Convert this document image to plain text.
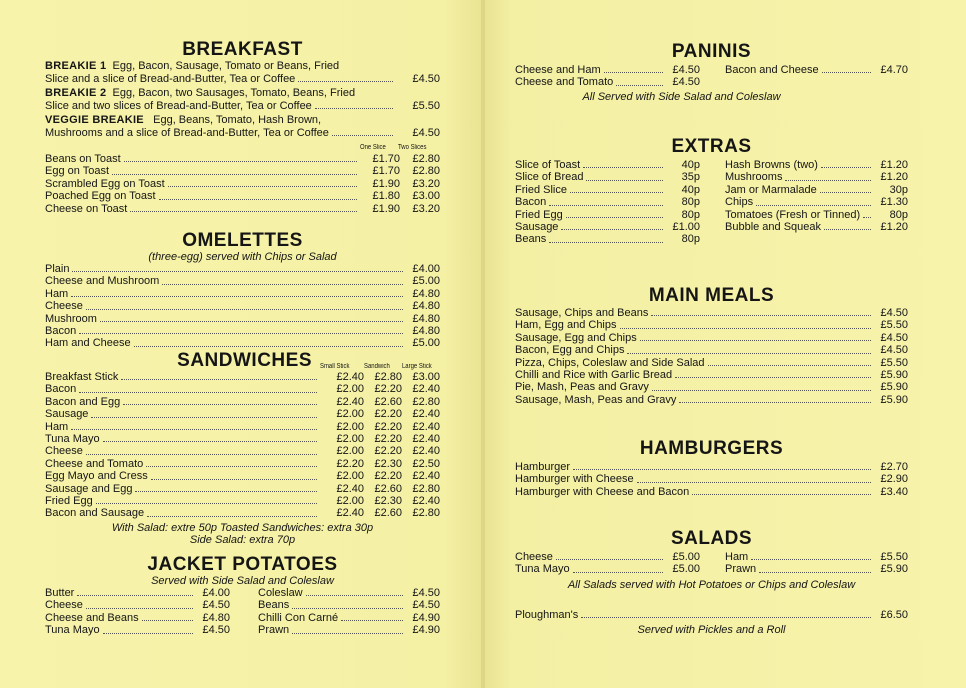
BREAKFAST
BREAKIE 1 Egg, Bacon, Sausage, Tomato or Beans, Fried
Slice and a slice of Bread-and-Butter, Tea or Coffee	£4.50
BREAKIE 2 Egg, Bacon, two Sausages, Tomato, Beans, Fried
Slice and two slices of Bread-and-Butter, Tea or Coffee	£5.50
VEGGIE BREAKIE Egg, Beans, Tomato, Hash Brown,
Mushrooms and a slice of Bread-and-Butter, Tea or Coffee	£4.50
One Slice	Two Slices
Beans on Toast	£1.70	£2.80
Egg on Toast	£1.70	£2.80
Scrambled Egg on Toast	£1.90	£3.20
Poached Egg on Toast	£1.80	£3.00
Cheese on Toast	£1.90	£3.20
OMELETTES
(three-egg) served with Chips or Salad
Plain	£4.00
Cheese and Mushroom	£5.00
Ham	£4.80
Cheese	£4.80
Mushroom	£4.80
Bacon	£4.80
Ham and Cheese	£5.00
SANDWICHES	Small Stick	Sandwich	Large Stick
Breakfast Stick	£2.40 £2.80 £3.00
Bacon	£2.00 £2.20 £2.40
Bacon and Egg	£2.40 £2.60 £2.80
Sausage	£2.00 £2.20 £2.40
Ham	£2.00 £2.20 £2.40
Tuna Mayo	£2.00 £2.20 £2.40
Cheese	£2.00 £2.20 £2.40
Cheese and Tomato	£2.20 £2.30 £2.50
Egg Mayo and Cress	£2.00 £2.20 £2.40
Sausage and Egg	£2.40 £2.60 £2.80
Fried Egg	£2.00 £2.30 £2.40
Bacon and Sausage	£2.40 £2.60 £2.80
With Salad: extre 50p Toasted Sandwiches: extra 30p
Side Salad: extra 70p
JACKET POTATOES
Served with Side Salad and Coleslaw
Butter	£4.00
Cheese	£4.50
Cheese and Beans	£4.80
Tuna Mayo	£4.50
Coleslaw	£4.50
Beans	£4.50
Chilli Con Carné	£4.90
Prawn	£4.90
PANINIS
Cheese and Ham	£4.50
Cheese and Tomato	£4.50
Bacon and Cheese	£4.70
All Served with Side Salad and Coleslaw
EXTRAS
Slice of Toast	40p
Slice of Bread	35p
Fried Slice	40p
Bacon	80p
Fried Egg	80p
Sausage	£1.00
Beans	80p
Hash Browns (two)	£1.20
Mushrooms	£1.20
Jam or Marmalade	30p
Chips	£1.30
Tomatoes (Fresh or Tinned)	80p
Bubble and Squeak	£1.20
MAIN MEALS
Sausage, Chips and Beans	£4.50
Ham, Egg and Chips	£5.50
Sausage, Egg and Chips	£4.50
Bacon, Egg and Chips	£4.50
Pizza, Chips, Coleslaw and Side Salad	£5.50
Chilli and Rice with Garlic Bread	£5.90
Pie, Mash, Peas and Gravy	£5.90
Sausage, Mash, Peas and Gravy	£5.90
HAMBURGERS
Hamburger	£2.70
Hamburger with Cheese	£2.90
Hamburger with Cheese and Bacon	£3.40
SALADS
Cheese	£5.00
Tuna Mayo	£5.00
Ham	£5.50
Prawn	£5.90
All Salads served with Hot Potatoes or Chips and Coleslaw
Ploughman's	£6.50
Served with Pickles and a Roll
